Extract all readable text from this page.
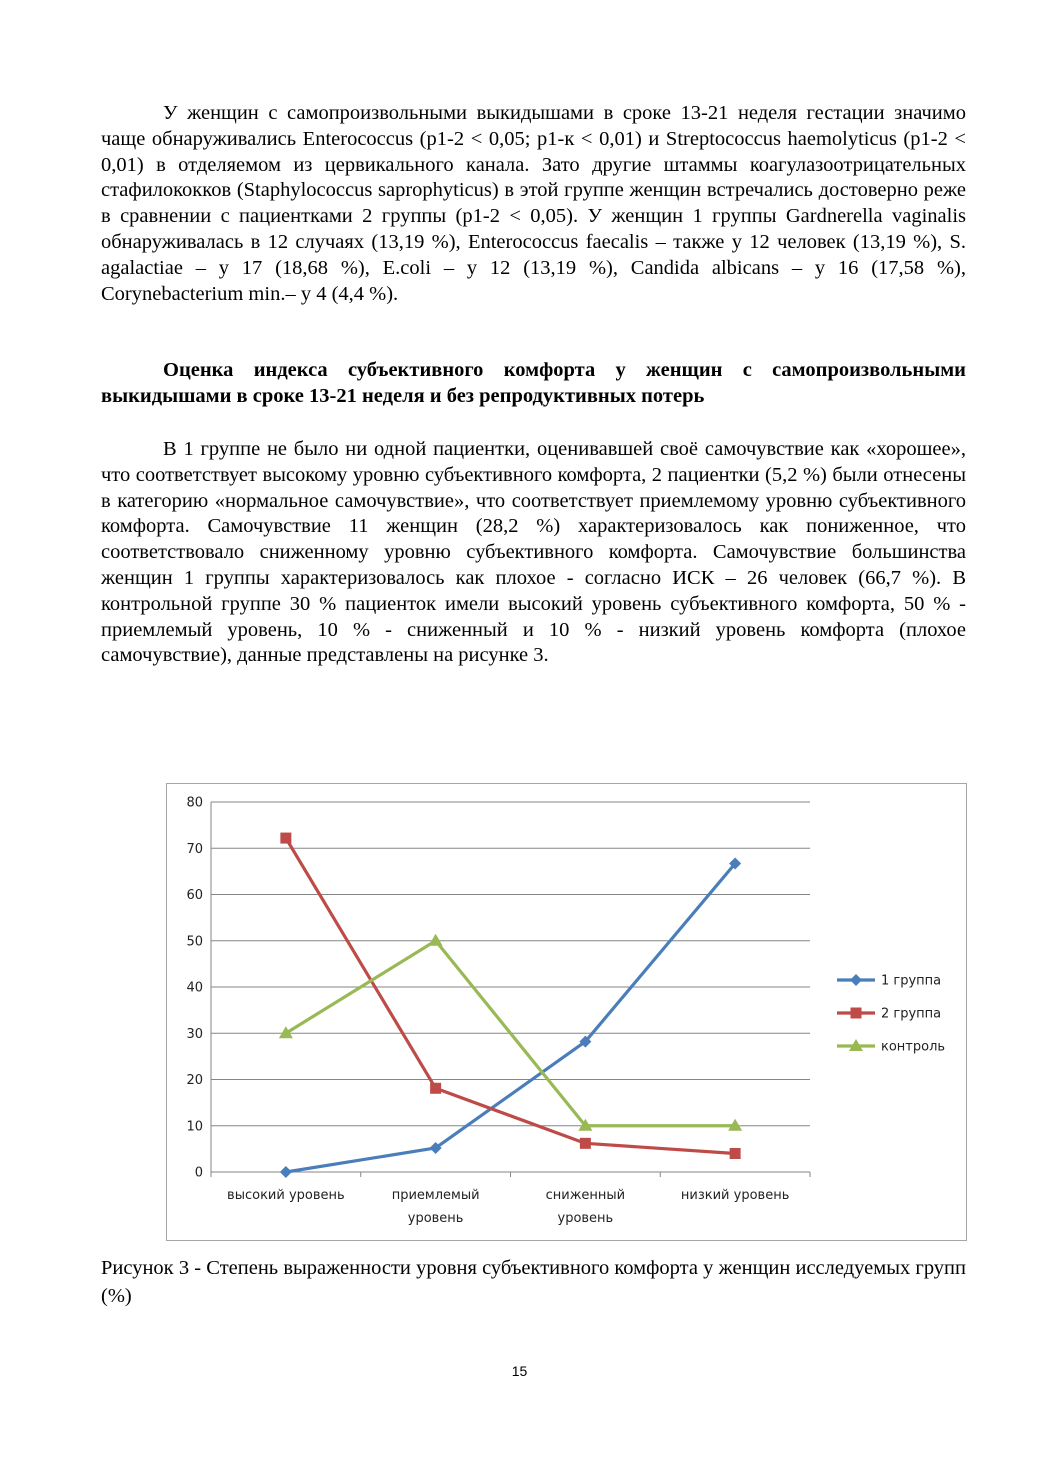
У женщин с самопроизвольными выкидышами в сроке 13-21 неделя гестации значимо чаще обнаруживались Enterococcus (p1-2 < 0,05; p1-к < 0,01) и Streptococcus haemolyticus (p1-2 < 0,01) в отделяемом из цервикального канала. Зато другие штаммы коагулазоотрицательных стафилококков (Staphylococcus saprophyticus) в этой группе женщин встречались достоверно реже в сравнении с пациентками 2 группы (p1-2 < 0,05). У женщин 1 группы Gardnerella vaginalis обнаруживалась в 12 случаях (13,19 %), Enterococcus faecalis – также у 12 человек (13,19 %), S. agalactiae – у 17 (18,68 %), E.coli – у 12 (13,19 %), Candida albicans – у 16 (17,58 %), Corynebacterium min.– у 4 (4,4 %).

Оценка индекса субъективного комфорта у женщин с самопроизвольными выкидышами в сроке 13-21 неделя и без репродуктивных потерь

В 1 группе не было ни одной пациентки, оценивавшей своё самочувствие как «хорошее», что соответствует высокому уровню субъективного комфорта, 2 пациентки (5,2 %) были отнесены в категорию «нормальное самочувствие», что соответствует приемлемому уровню субъективного комфорта. Самочувствие 11 женщин (28,2 %) характеризовалось как пониженное, что соответствовало сниженному уровню субъективного комфорта. Самочувствие большинства женщин 1 группы характеризовалось как плохое - согласно ИСК – 26 человек (66,7 %). В контрольной группе 30 % пациенток имели высокий уровень субъективного комфорта, 50 % - приемлемый уровень, 10 % - сниженный и 10 % - низкий уровень комфорта (плохое самочувствие), данные представлены на рисунке 3.

0
10
20
30
40
50
60
70
80
высокий уровень	приемлемый
уровень
сниженный
уровень
низкий уровень
1 группа
2 группа
контроль

Рисунок 3 - Степень выраженности уровня субъективного комфорта у женщин исследуемых групп (%)

15
